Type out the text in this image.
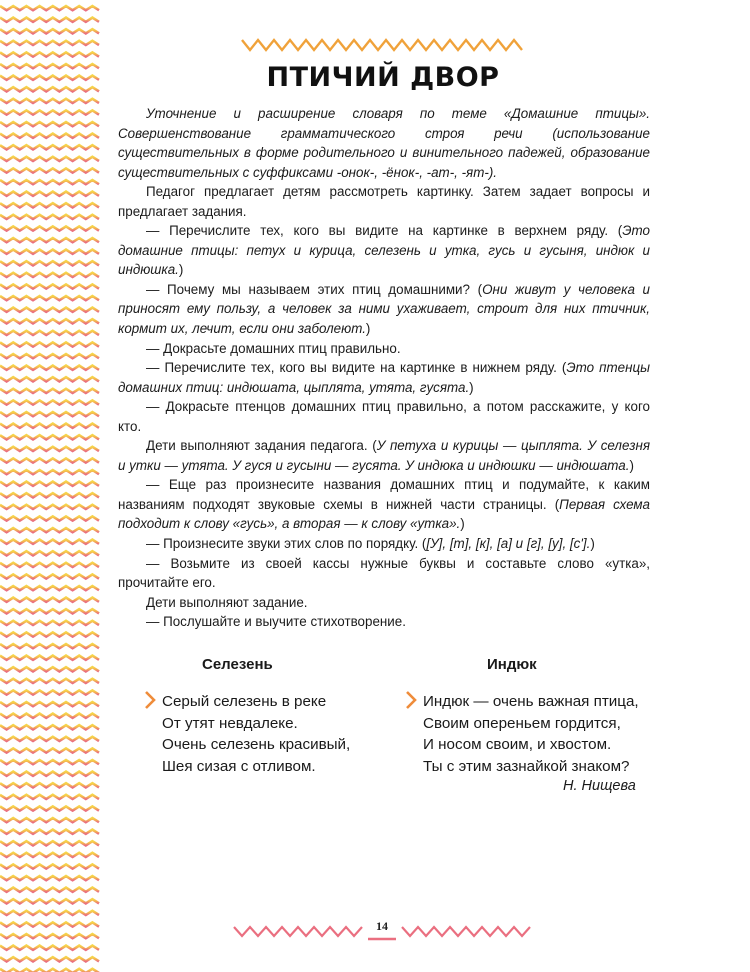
ПТИЧИЙ ДВОР

Уточнение и расширение словаря по теме «Домашние птицы». Совершенствование грамматического строя речи (использование существительных в форме родительного и винительного падежей, образование существительных с суффиксами -онок-, -ёнок-, -ат-, -ят-).

Педагог предлагает детям рассмотреть картинку. Затем задает вопросы и предлагает задания.

— Перечислите тех, кого вы видите на картинке в верхнем ряду. (Это домашние птицы: петух и курица, селезень и утка, гусь и гусыня, индюк и индюшка.)

— Почему мы называем этих птиц домашними? (Они живут у человека и приносят ему пользу, а человек за ними ухаживает, строит для них птичник, кормит их, лечит, если они заболеют.)

— Докрасьте домашних птиц правильно.

— Перечислите тех, кого вы видите на картинке в нижнем ряду. (Это птенцы домашних птиц: индюшата, цыплята, утята, гусята.)

— Докрасьте птенцов домашних птиц правильно, а потом расскажите, у кого кто.

Дети выполняют задания педагога. (У петуха и курицы — цыплята. У селезня и утки — утята. У гуся и гусыни — гусята. У индюка и индюшки — индюшата.)

— Еще раз произнесите названия домашних птиц и подумайте, к каким названиям подходят звуковые схемы в нижней части страницы. (Первая схема подходит к слову «гусь», а вторая — к слову «утка».)

— Произнесите звуки этих слов по порядку. ([У], [т], [к], [а] и [г], [у], [с'].)

— Возьмите из своей кассы нужные буквы и составьте слово «утка», прочитайте его.

Дети выполняют задание.

— Послушайте и выучите стихотворение.

Селезень
Серый селезень в реке
От утят невдалеке.
Очень селезень красивый,
Шея сизая с отливом.
Индюк
Индюк — очень важная птица,
Своим опереньем гордится,
И носом своим, и хвостом.
Ты с этим зазнайкой знаком?
Н. Нищева
14
